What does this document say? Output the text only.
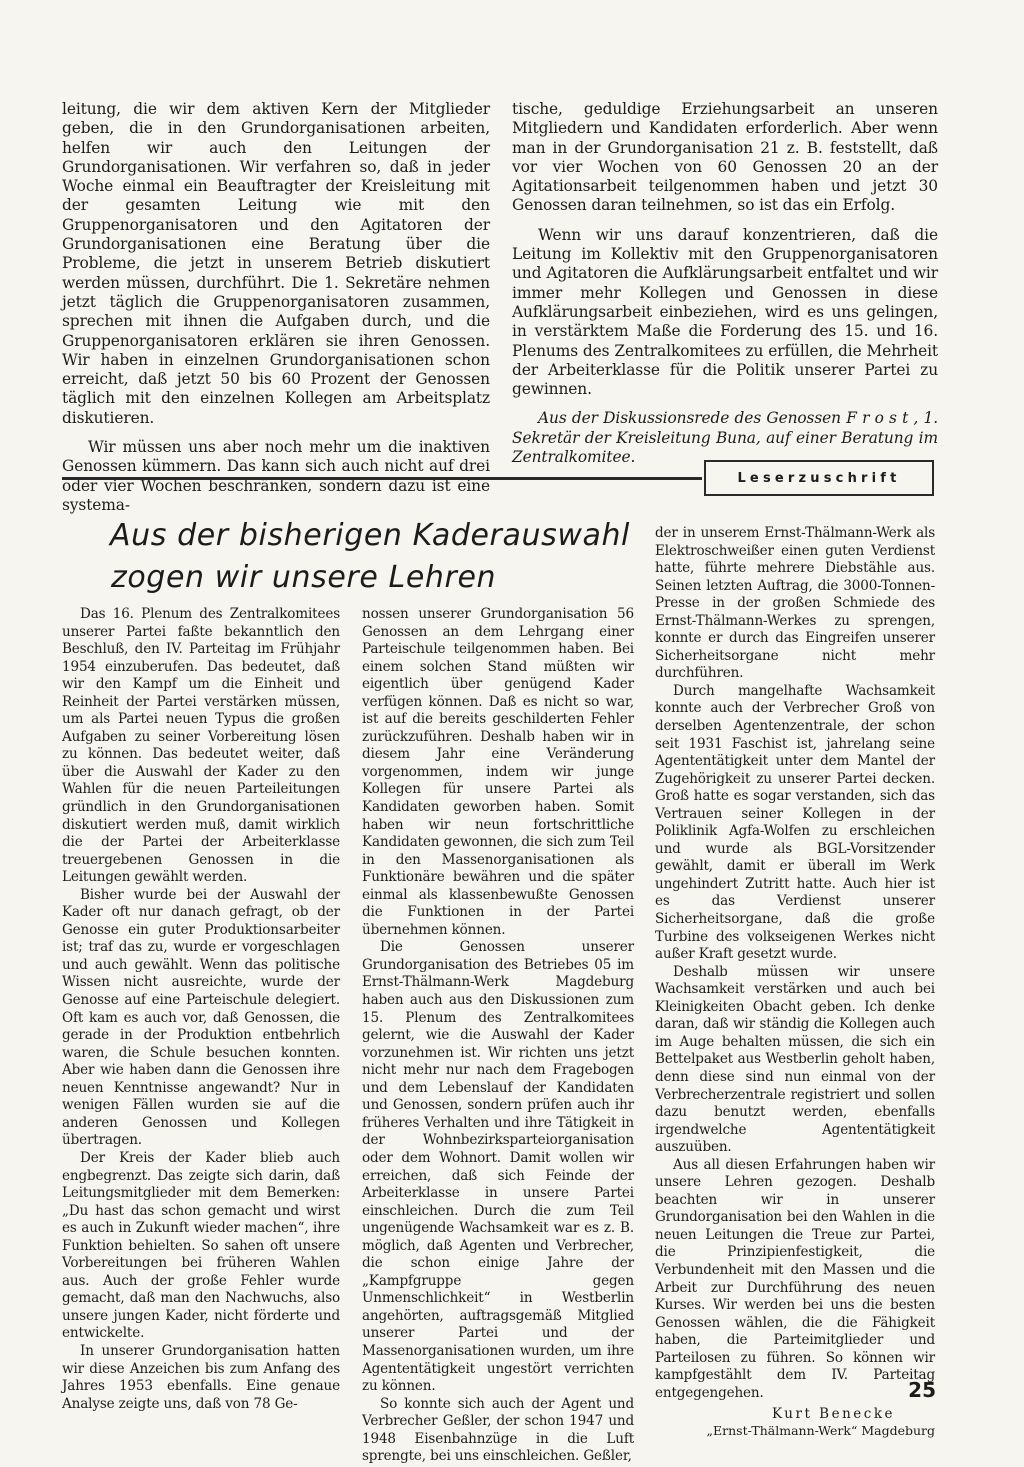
leitung, die wir dem aktiven Kern der Mitglieder geben, die in den Grundorganisationen arbeiten, helfen wir auch den Leitungen der Grundorganisationen. Wir verfahren so, daß in jeder Woche einmal ein Beauftragter der Kreisleitung mit der gesamten Leitung wie mit den Gruppenorganisatoren und den Agitatoren der Grundorganisationen eine Beratung über die Probleme, die jetzt in unserem Betrieb diskutiert werden müssen, durchführt. Die 1. Sekretäre nehmen jetzt täglich die Gruppenorganisatoren zusammen, sprechen mit ihnen die Aufgaben durch, und die Gruppenorganisatoren erklären sie ihren Genossen. Wir haben in einzelnen Grundorganisationen schon erreicht, daß jetzt 50 bis 60 Prozent der Genossen täglich mit den einzelnen Kollegen am Arbeitsplatz diskutieren.

Wir müssen uns aber noch mehr um die inaktiven Genossen kümmern. Das kann sich auch nicht auf drei oder vier Wochen beschränken, sondern dazu ist eine systema-

tische, geduldige Erziehungsarbeit an unseren Mitgliedern und Kandidaten erforderlich. Aber wenn man in der Grundorganisation 21 z. B. feststellt, daß vor vier Wochen von 60 Genossen 20 an der Agitationsarbeit teilgenommen haben und jetzt 30 Genossen daran teilnehmen, so ist das ein Erfolg.

Wenn wir uns darauf konzentrieren, daß die Leitung im Kollektiv mit den Gruppenorganisatoren und Agitatoren die Aufklärungsarbeit entfaltet und wir immer mehr Kollegen und Genossen in diese Aufklärungsarbeit einbeziehen, wird es uns gelingen, in verstärktem Maße die Forderung des 15. und 16. Plenums des Zentralkomitees zu erfüllen, die Mehrheit der Arbeiterklasse für die Politik unserer Partei zu gewinnen.

Aus der Diskussionsrede des Genossen F r o s t , 1. Sekretär der Kreisleitung Buna, auf einer Beratung im Zentralkomitee.

Leserzuschrift
Aus der bisherigen Kaderauswahl
zogen wir unsere Lehren

Das 16. Plenum des Zentralkomitees unserer Partei faßte bekanntlich den Beschluß, den IV. Parteitag im Frühjahr 1954 einzuberufen. Das bedeutet, daß wir den Kampf um die Einheit und Reinheit der Partei verstärken müssen, um als Partei neuen Typus die großen Aufgaben zu seiner Vorbereitung lösen zu können. Das bedeutet weiter, daß über die Auswahl der Kader zu den Wahlen für die neuen Parteileitungen gründlich in den Grundorganisationen diskutiert werden muß, damit wirklich die der Partei der Arbeiterklasse treuergebenen Genossen in die Leitungen gewählt werden.

Bisher wurde bei der Auswahl der Kader oft nur danach gefragt, ob der Genosse ein guter Produktionsarbeiter ist; traf das zu, wurde er vorgeschlagen und auch gewählt. Wenn das politische Wissen nicht ausreichte, wurde der Genosse auf eine Parteischule delegiert. Oft kam es auch vor, daß Genossen, die gerade in der Produktion entbehrlich waren, die Schule besuchen konnten. Aber wie haben dann die Genossen ihre neuen Kenntnisse angewandt? Nur in wenigen Fällen wurden sie auf die anderen Genossen und Kollegen übertragen.

Der Kreis der Kader blieb auch engbegrenzt. Das zeigte sich darin, daß Leitungsmitglieder mit dem Bemerken: „Du hast das schon gemacht und wirst es auch in Zukunft wieder machen“, ihre Funktion behielten. So sahen oft unsere Vorbereitungen bei früheren Wahlen aus. Auch der große Fehler wurde gemacht, daß man den Nachwuchs, also unsere jungen Kader, nicht förderte und entwickelte.

In unserer Grundorganisation hatten wir diese Anzeichen bis zum Anfang des Jahres 1953 ebenfalls. Eine genaue Analyse zeigte uns, daß von 78 Ge-

nossen unserer Grundorganisation 56 Genossen an dem Lehrgang einer Parteischule teilgenommen haben. Bei einem solchen Stand müßten wir eigentlich über genügend Kader verfügen können. Daß es nicht so war, ist auf die bereits geschilderten Fehler zurückzuführen. Deshalb haben wir in diesem Jahr eine Veränderung vorgenommen, indem wir junge Kollegen für unsere Partei als Kandidaten geworben haben. Somit haben wir neun fortschrittliche Kandidaten gewonnen, die sich zum Teil in den Massenorganisationen als Funktionäre bewähren und die später einmal als klassenbewußte Genossen die Funktionen in der Partei übernehmen können.

Die Genossen unserer Grundorganisation des Betriebes 05 im Ernst-Thälmann-Werk Magdeburg haben auch aus den Diskussionen zum 15. Plenum des Zentralkomitees gelernt, wie die Auswahl der Kader vorzunehmen ist. Wir richten uns jetzt nicht mehr nur nach dem Fragebogen und dem Lebenslauf der Kandidaten und Genossen, sondern prüfen auch ihr früheres Verhalten und ihre Tätigkeit in der Wohnbezirksparteiorganisation oder dem Wohnort. Damit wollen wir erreichen, daß sich Feinde der Arbeiterklasse in unsere Partei einschleichen. Durch die zum Teil ungenügende Wachsamkeit war es z. B. möglich, daß Agenten und Verbrecher, die schon einige Jahre der „Kampfgruppe gegen Unmenschlichkeit“ in Westberlin angehörten, auftragsgemäß Mitglied unserer Partei und der Massenorganisationen wurden, um ihre Agententätigkeit ungestört verrichten zu können.

So konnte sich auch der Agent und Verbrecher Geßler, der schon 1947 und 1948 Eisenbahnzüge in die Luft sprengte, bei uns einschleichen. Geßler,

der in unserem Ernst-Thälmann-Werk als Elektroschweißer einen guten Verdienst hatte, führte mehrere Diebstähle aus. Seinen letzten Auftrag, die 3000-Tonnen-Presse in der großen Schmiede des Ernst-Thälmann-Werkes zu sprengen, konnte er durch das Eingreifen unserer Sicherheitsorgane nicht mehr durchführen.

Durch mangelhafte Wachsamkeit konnte auch der Verbrecher Groß von derselben Agentenzentrale, der schon seit 1931 Faschist ist, jahrelang seine Agententätigkeit unter dem Mantel der Zugehörigkeit zu unserer Partei decken. Groß hatte es sogar verstanden, sich das Vertrauen seiner Kollegen in der Poliklinik Agfa-Wolfen zu erschleichen und wurde als BGL-Vorsitzender gewählt, damit er überall im Werk ungehindert Zutritt hatte. Auch hier ist es das Verdienst unserer Sicherheitsorgane, daß die große Turbine des volkseigenen Werkes nicht außer Kraft gesetzt wurde.

Deshalb müssen wir unsere Wachsamkeit verstärken und auch bei Kleinigkeiten Obacht geben. Ich denke daran, daß wir ständig die Kollegen auch im Auge behalten müssen, die sich ein Bettelpaket aus Westberlin geholt haben, denn diese sind nun einmal von der Verbrecherzentrale registriert und sollen dazu benutzt werden, ebenfalls irgendwelche Agententätigkeit auszuüben.

Aus all diesen Erfahrungen haben wir unsere Lehren gezogen. Deshalb beachten wir in unserer Grundorganisation bei den Wahlen in die neuen Leitungen die Treue zur Partei, die Prinzipienfestigkeit, die Verbundenheit mit den Massen und die Arbeit zur Durchführung des neuen Kurses. Wir werden bei uns die besten Genossen wählen, die die Fähigkeit haben, die Parteimitglieder und Parteilosen zu führen. So können wir kampfgestählt dem IV. Parteitag entgegengehen.

Kurt Benecke
„Ernst-Thälmann-Werk“ Magdeburg
25
